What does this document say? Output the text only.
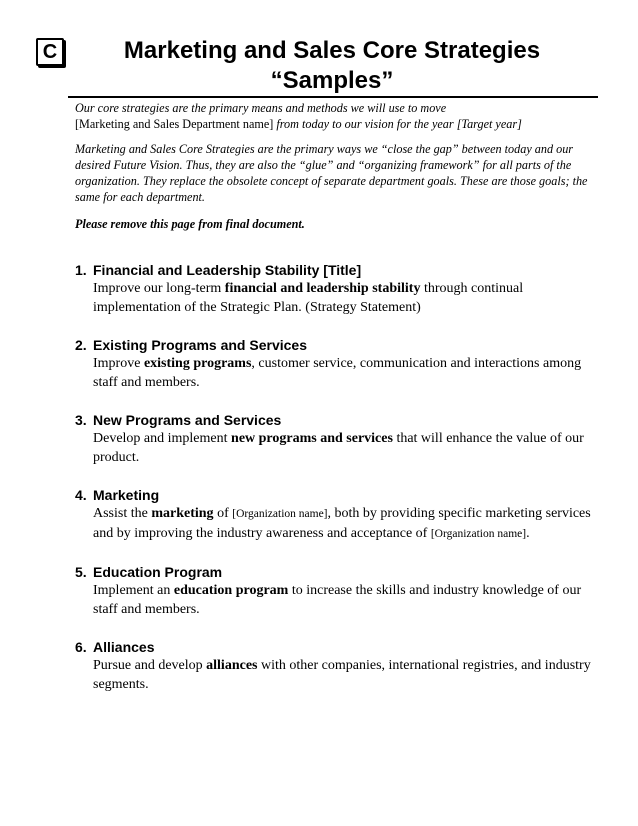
C	Marketing and Sales Core Strategies
“Samples”

Our core strategies are the primary means and methods we will use to move

[Marketing and Sales Department name] from today to our vision for the year [Target year]

Marketing and Sales Core Strategies are the primary ways we “close the gap” between today and our desired Future Vision. Thus, they are also the “glue” and “organizing framework” for all parts of the organization. They replace the obsolete concept of separate department goals. These are those goals; the same for each department.

Please remove this page from final document.

1. Financial and Leadership Stability [Title]

Improve our long-term financial and leadership stability through continual implementation of the Strategic Plan. (Strategy Statement)

2. Existing Programs and Services

Improve existing programs, customer service, communication and interactions among staff and members.

3. New Programs and Services

Develop and implement new programs and services that will enhance the value of our product.

4. Marketing

Assist the marketing of [Organization name], both by providing specific marketing services and by improving the industry awareness and acceptance of [Organization name].

5. Education Program

Implement an education program to increase the skills and industry knowledge of our staff and members.

6. Alliances

Pursue and develop alliances with other companies, international registries, and industry segments.
